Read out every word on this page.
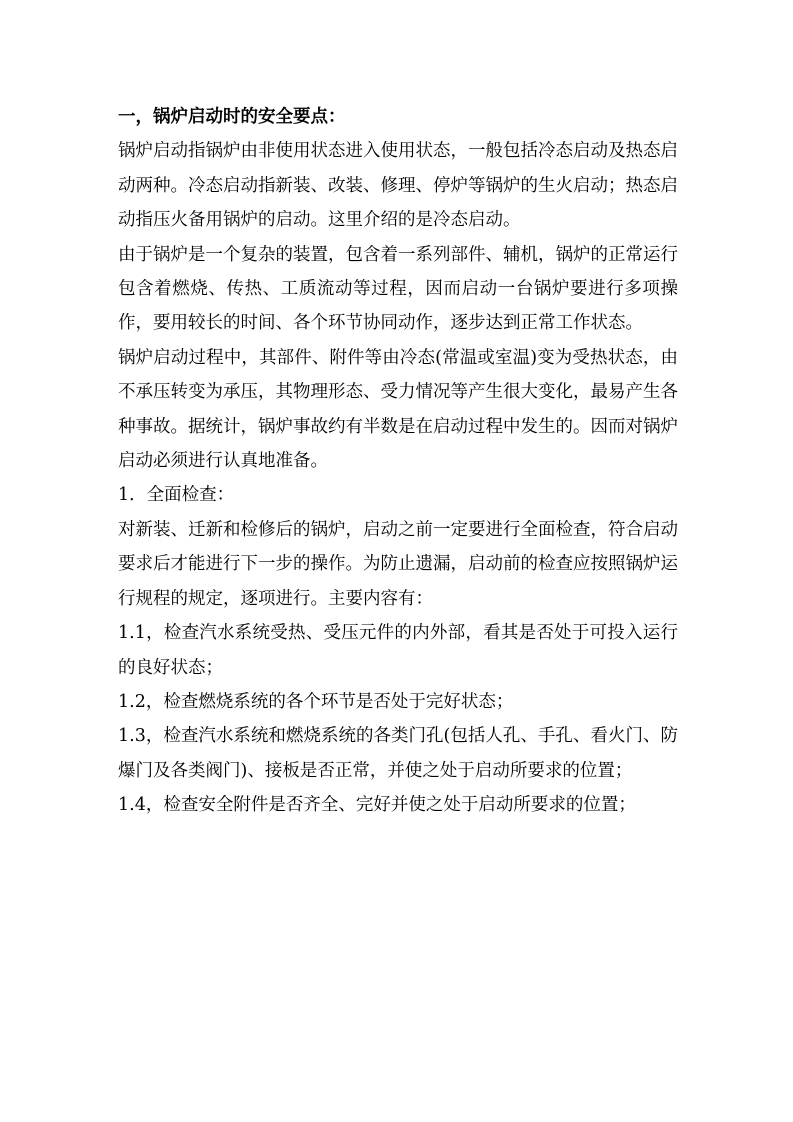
一，锅炉启动时的安全要点：

锅炉启动指锅炉由非使用状态进入使用状态，一般包括冷态启动及热态启动两种。冷态启动指新装、改装、修理、停炉等锅炉的生火启动；热态启动指压火备用锅炉的启动。这里介绍的是冷态启动。

由于锅炉是一个复杂的装置，包含着一系列部件、辅机，锅炉的正常运行包含着燃烧、传热、工质流动等过程，因而启动一台锅炉要进行多项操作，要用较长的时间、各个环节协同动作，逐步达到正常工作状态。

锅炉启动过程中，其部件、附件等由冷态(常温或室温)变为受热状态，由不承压转变为承压，其物理形态、受力情况等产生很大变化，最易产生各种事故。据统计，锅炉事故约有半数是在启动过程中发生的。因而对锅炉启动必须进行认真地准备。

1．全面检查：

对新装、迁新和检修后的锅炉，启动之前一定要进行全面检查，符合启动要求后才能进行下一步的操作。为防止遗漏，启动前的检查应按照锅炉运行规程的规定，逐项进行。主要内容有：

1.1，检查汽水系统受热、受压元件的内外部，看其是否处于可投入运行的良好状态；

1.2，检查燃烧系统的各个环节是否处于完好状态；

1.3，检查汽水系统和燃烧系统的各类门孔(包括人孔、手孔、看火门、防爆门及各类阀门)、接板是否正常，并使之处于启动所要求的位置；

1.4，检查安全附件是否齐全、完好并使之处于启动所要求的位置；
